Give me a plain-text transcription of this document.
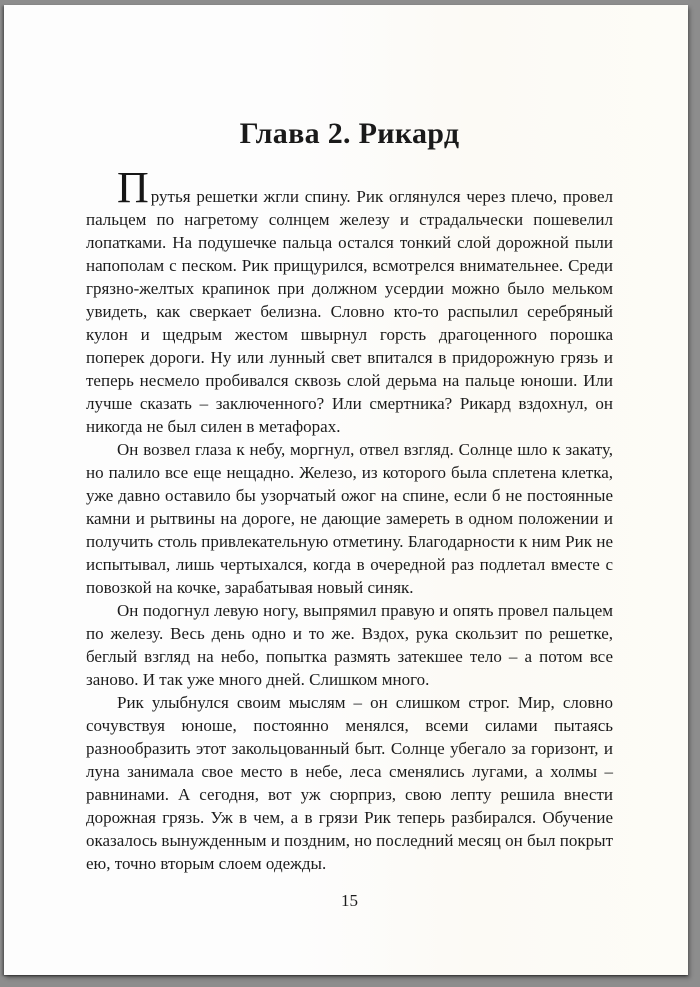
Глава 2. Рикард

Прутья решетки жгли спину. Рик оглянулся через плечо, провел пальцем по нагретому солнцем железу и страдальчески пошевелил лопатками. На подушечке пальца остался тонкий слой дорожной пыли напополам с песком. Рик прищурился, всмотрелся внимательнее. Среди грязно-желтых крапинок при должном усердии можно было мельком увидеть, как сверкает белизна. Словно кто-то распылил серебряный кулон и щедрым жестом швырнул горсть драгоценного порошка поперек дороги. Ну или лунный свет впитался в придорожную грязь и теперь несмело пробивался сквозь слой дерьма на пальце юноши. Или лучше сказать – заключенного? Или смертника? Рикард вздохнул, он никогда не был силен в метафорах.

Он возвел глаза к небу, моргнул, отвел взгляд. Солнце шло к закату, но палило все еще нещадно. Железо, из которого была сплетена клетка, уже давно оставило бы узорчатый ожог на спине, если б не постоянные камни и рытвины на дороге, не дающие замереть в одном положении и получить столь привлекательную отметину. Благодарности к ним Рик не испытывал, лишь чертыхался, когда в очередной раз подлетал вместе с повозкой на кочке, зарабатывая новый синяк.

Он подогнул левую ногу, выпрямил правую и опять провел пальцем по железу. Весь день одно и то же. Вздох, рука скользит по решетке, беглый взгляд на небо, попытка размять затекшее тело – а потом все заново. И так уже много дней. Слишком много.

Рик улыбнулся своим мыслям – он слишком строг. Мир, словно сочувствуя юноше, постоянно менялся, всеми силами пытаясь разнообразить этот закольцованный быт. Солнце убегало за горизонт, и луна занимала свое место в небе, леса сменялись лугами, а холмы – равнинами. А сегодня, вот уж сюрприз, свою лепту решила внести дорожная грязь. Уж в чем, а в грязи Рик теперь разбирался. Обучение оказалось вынужденным и поздним, но последний месяц он был покрыт ею, точно вторым слоем одежды.

15
